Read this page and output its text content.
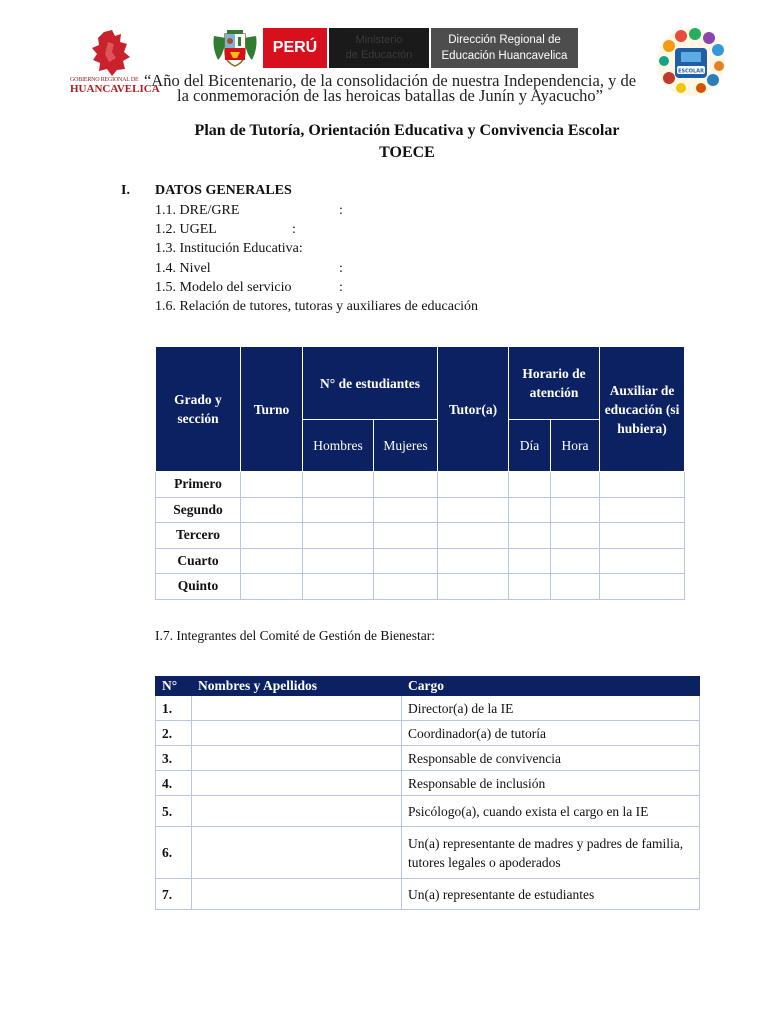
GOBIERNO REGIONAL DE
HUANCAVELICA
PERÚ	Ministerio
de Educación
Dirección Regional de
Educación Huancavelica
ESCOLAR
“Año del Bicentenario, de la consolidación de nuestra Independencia, y de
la conmemoración de las heroicas batallas de Junín y Ayacucho”
Plan de Tutoría, Orientación Educativa y Convivencia Escolar
TOECE
I. DATOS GENERALES
1.1. DRE/GRE	:
1.2. UGEL	:
1.3. Institución Educativa:
1.4. Nivel	:
1.5. Modelo del servicio	:
1.6. Relación de tutores, tutoras y auxiliares de educación
Grado y sección	Turno	N° de estudiantes		Tutor(a)	Horario de atención		Auxiliar de educación (si hubiera)
		Hombres	Mujeres		Día	Hora	
Primero							
Segundo							
Tercero							
Cuarto							
Quinto							
I.7. Integrantes del Comité de Gestión de Bienestar:
N°	Nombres y Apellidos	Cargo
1.		Director(a) de la IE
2.		Coordinador(a) de tutoría
3.		Responsable de convivencia
4.		Responsable de inclusión
5.		Psicólogo(a), cuando exista el cargo en la IE
6.		Un(a) representante de madres y padres de familia, tutores legales o apoderados
7.		Un(a) representante de estudiantes
